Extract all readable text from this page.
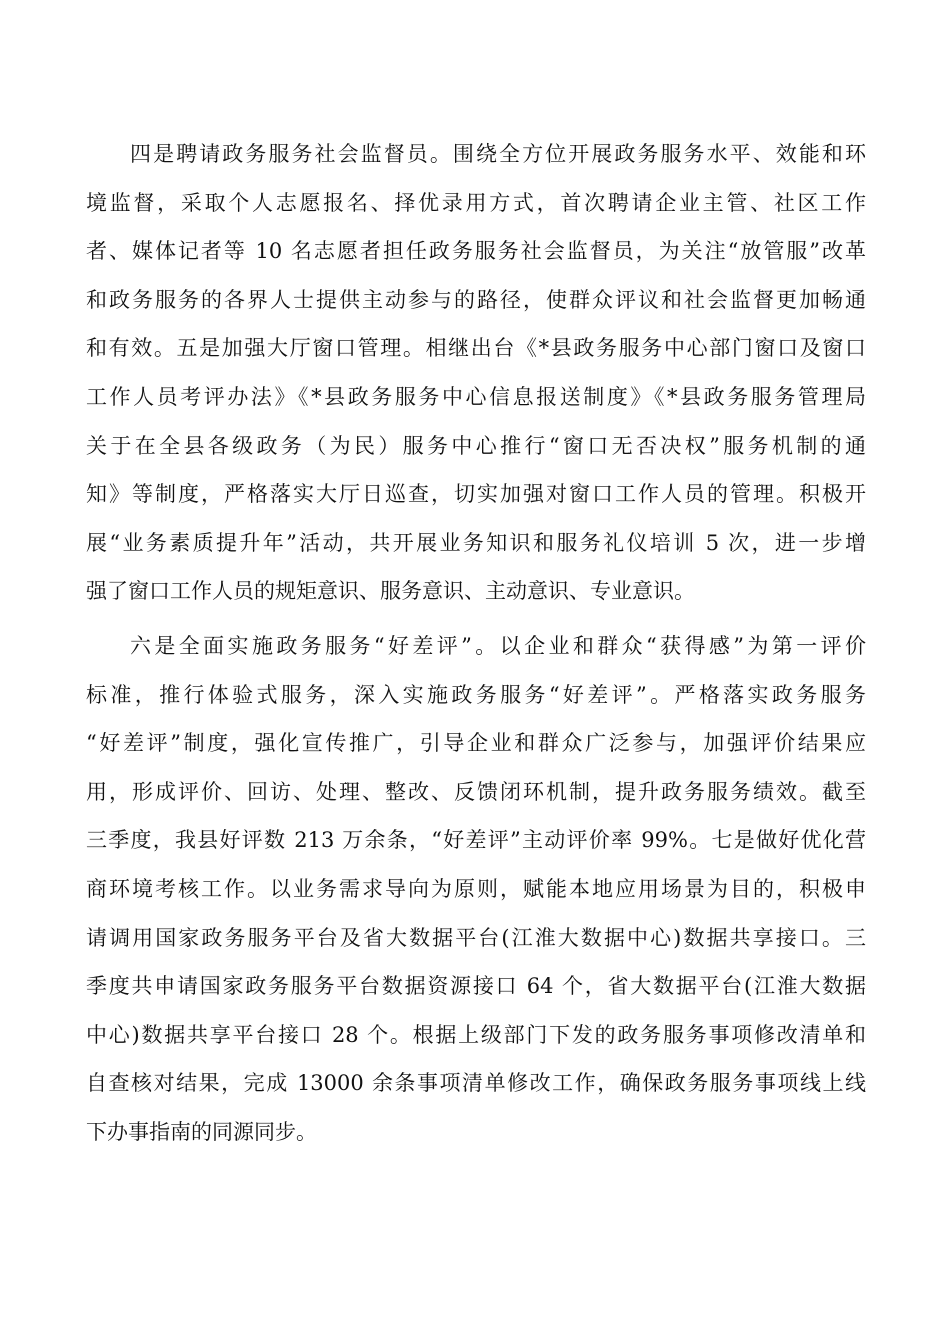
四是聘请政务服务社会监督员。围绕全方位开展政务服务水平、效能和环
境监督，采取个人志愿报名、择优录用方式，首次聘请企业主管、社区工作
者、媒体记者等 10 名志愿者担任政务服务社会监督员，为关注“放管服”改革
和政务服务的各界人士提供主动参与的路径，使群众评议和社会监督更加畅通
和有效。五是加强大厅窗口管理。相继出台《*县政务服务中心部门窗口及窗口
工作人员考评办法》《*县政务服务中心信息报送制度》《*县政务服务管理局
关于在全县各级政务（为民）服务中心推行“窗口无否决权”服务机制的通
知》等制度，严格落实大厅日巡查，切实加强对窗口工作人员的管理。积极开
展“业务素质提升年”活动，共开展业务知识和服务礼仪培训 5 次，进一步增
强了窗口工作人员的规矩意识、服务意识、主动意识、专业意识。
六是全面实施政务服务“好差评”。以企业和群众“获得感”为第一评价
标准，推行体验式服务，深入实施政务服务“好差评”。严格落实政务服务
“好差评”制度，强化宣传推广，引导企业和群众广泛参与，加强评价结果应
用，形成评价、回访、处理、整改、反馈闭环机制，提升政务服务绩效。截至
三季度，我县好评数 213 万余条，“好差评”主动评价率 99%。七是做好优化营
商环境考核工作。以业务需求导向为原则，赋能本地应用场景为目的，积极申
请调用国家政务服务平台及省大数据平台(江淮大数据中心)数据共享接口。三
季度共申请国家政务服务平台数据资源接口 64 个，省大数据平台(江淮大数据
中心)数据共享平台接口 28 个。根据上级部门下发的政务服务事项修改清单和
自查核对结果，完成 13000 余条事项清单修改工作，确保政务服务事项线上线
下办事指南的同源同步。
